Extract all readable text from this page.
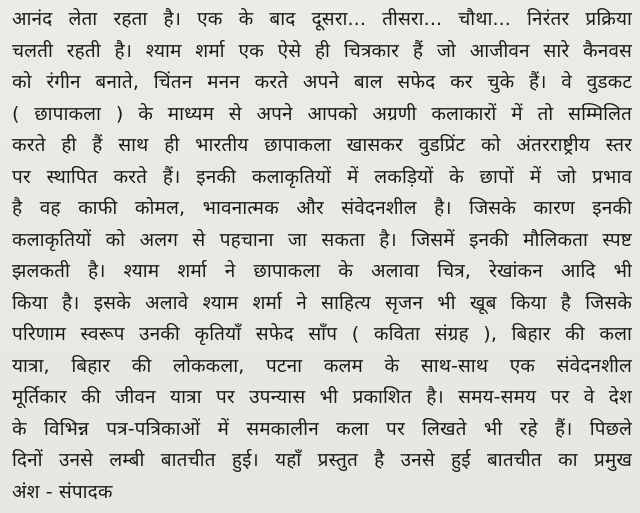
आनंद लेता रहता है। एक के बाद दूसरा... तीसरा... चौथा... निरंतर प्रक्रिया
चलती रहती है। श्याम शर्मा एक ऐसे ही चित्रकार हैं जो आजीवन सारे कैनवस
को रंगीन बनाते, चिंतन मनन करते अपने बाल सफेद कर चुके हैं। वे वुडकट
( छापाकला ) के माध्यम से अपने आपको अग्रणी कलाकारों में तो सम्मिलित
करते ही हैं साथ ही भारतीय छापाकला खासकर वुडप्रिंट को अंतरराष्ट्रीय स्तर
पर स्थापित करते हैं। इनकी कलाकृतियों में लकड़ियों के छापों में जो प्रभाव
है वह काफी कोमल, भावनात्मक और संवेदनशील है। जिसके कारण इनकी
कलाकृतियों को अलग से पहचाना जा सकता है। जिसमें इनकी मौलिकता स्पष्ट
झलकती है। श्याम शर्मा ने छापाकला के अलावा चित्र, रेखांकन आदि भी
किया है। इसके अलावे श्याम शर्मा ने साहित्य सृजन भी खूब किया है जिसके
परिणाम स्वरूप उनकी कृतियाँ सफेद साँप ( कविता संग्रह ), बिहार की कला
यात्रा, बिहार की लोककला, पटना कलम के साथ-साथ एक संवेदनशील
मूर्तिकार की जीवन यात्रा पर उपन्यास भी प्रकाशित है। समय-समय पर वे देश
के विभिन्न पत्र-पत्रिकाओं में समकालीन कला पर लिखते भी रहे हैं। पिछले
दिनों उनसे लम्बी बातचीत हुई। यहाँ प्रस्तुत है उनसे हुई बातचीत का प्रमुख
अंश - संपादक
